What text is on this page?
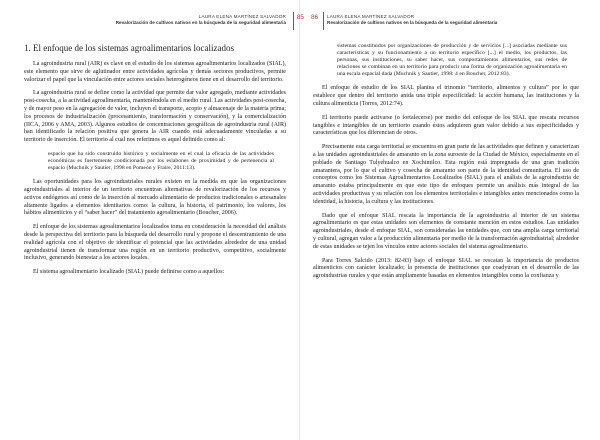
LAURA ELENA MARTÍNEZ SALVADOR
Revalorización de cultivos nativos en la búsqueda de la seguridad alimentaria
85
1. El enfoque de los sistemas agroalimentarios localizados

La agroindustria rural (AIR) es clave en el estudio de los sistemas agroalimentarios localizados (SIAL), este elemento que sirve de aglutinador entre actividades agrícolas y demás sectores productivos, permite valorizar el papel que la vinculación entre actores sociales heterogéneos tiene en el desarrollo del territorio.

La agroindustria rural se define como la actividad que permite dar valor agregado, mediante actividades post-cosecha, a la actividad agroalimentaria, manteniéndola en el medio rural. Las actividades post-cosecha, y de mayor peso en la agregación de valor, incluyen el transporte, acopio y almacenaje de la materia prima; los procesos de industrialización (procesamiento, transformación y conservación), y la comercialización (IICA, 2006 y AMA, 2003). Algunos estudios de concentraciones geográficas de agroindustria rural (AIR) han identificado la relación positiva que genera la AIR cuando está adecuadamente vinculadas a su territorio de inserción. El territorio al cual nos referimos es aquel definido como al:

espacio que ha sido construido histórico y socialmente en el cual la eficacia de las actividades económicas es fuertemente condicionada por los eslabones de proximidad y de pertenencia al espacio (Muchnik y Sautier, 1998 en Pomeón y Fraire, 2011:13).

Las oportunidades para los agroindustriales rurales existen en la medida en que las organizaciones agroindustriales al interior de un territorio encuentran alternativas de revalorización de los recursos y activos endógenos así como de la inserción al mercado alimentario de productos tradicionales o artesanales altamente ligados a elementos identitarios como: la cultura, la historia, el patrimonio, los valores, los hábitos alimenticios y el “saber hacer” del tratamiento agroalimentario (Boucher, 2006).

El enfoque de los sistemas agroalimentarios localizados toma en consideración la necesidad del análisis desde la perspectiva del territorio para la búsqueda del desarrollo rural y propone el descentramiento de una realidad agrícola con el objetivo de identificar el potencial que las actividades alrededor de una unidad agroindustrial tienen de transformar una región en un territorio productivo, competitivo, socialmente inclusivo, generando bienestar a los actores locales.

El sistema agroalimentario localizado (SIAL) puede definirse como a aquellos:

86 LAURA ELENA MARTÍNEZ SALVADOR
Revalorización de cultivos nativos en la búsqueda de la seguridad alimentaria
sistemas constituidos por organizaciones de producción y de servicios [...] asociadas mediante sus características y su funcionamiento a un territorio específico [...] el medio, los productos, las personas, sus instituciones, su saber hacer, sus comportamientos alimentarios, sus redes de relaciones se combinan en un territorio para producir una forma de organización agroalimentaria en una escala espacial dada (Muchnik y Sautier, 1998: 4 en Boucher, 2012:83).

El enfoque de estudio de los SIAL plantea el trinomio “territorio, alimentos y cultura” por lo que establece que dentro del territorio anida una triple especificidad: la acción humana, las instituciones y la cultura alimenticia (Torres, 2012:74).

El territorio puede activarse (o fortalecerse) por medio del enfoque de los SIAL que rescata recursos tangibles e intangibles de un territorio cuando éstos adquieren gran valor debido a sus especificidades y características que los diferencian de otros.

Precisamente esta carga territorial se encuentra en gran parte de las actividades que definen y caracterizan a las unidades agroindustriales de amaranto en la zona suroeste de la Ciudad de México, especialmente en el poblado de Santiago Tulyehualco en Xochimilco. Esta región está impregnada de una gran tradición amarantera, por lo que el cultivo y cosecha de amaranto son parte de la identidad comunitaria. El uso de conceptos como los Sistemas Agroalimentarios Localizados (SIAL) para el análisis de la agroindustria de amaranto estaba principalmente en que este tipo de enfoques permite un análisis más integral de las actividades productivas y su relación con los elementos territoriales e intangibles antes mencionados como la identidad, la historia, la cultura y las instituciones.

Dado que el enfoque SIAL rescata la importancia de la agroindustria al interior de un sistema agroalimentario es que estas unidades son elementos de constante mención en estos estudios. Las unidades agroindustriales, desde el enfoque SIAL, son consideradas las entidades que, con una amplia carga territorial y cultural, agregan valor a la producción alimentaria por medio de la transformación agroindustrial; alrededor de estas unidades se tejen los vínculos entre actores sociales del sistema agroalimentario.

Para Torres Salcido (2013: 82-83) bajo el enfoque SIAL se rescatan la importancia de productos alimenticios con carácter localizado; la presencia de instituciones que coadyuvan en el desarrollo de las agroindustrias rurales y que están ampliamente basadas en elementos intangibles como la confianza y
